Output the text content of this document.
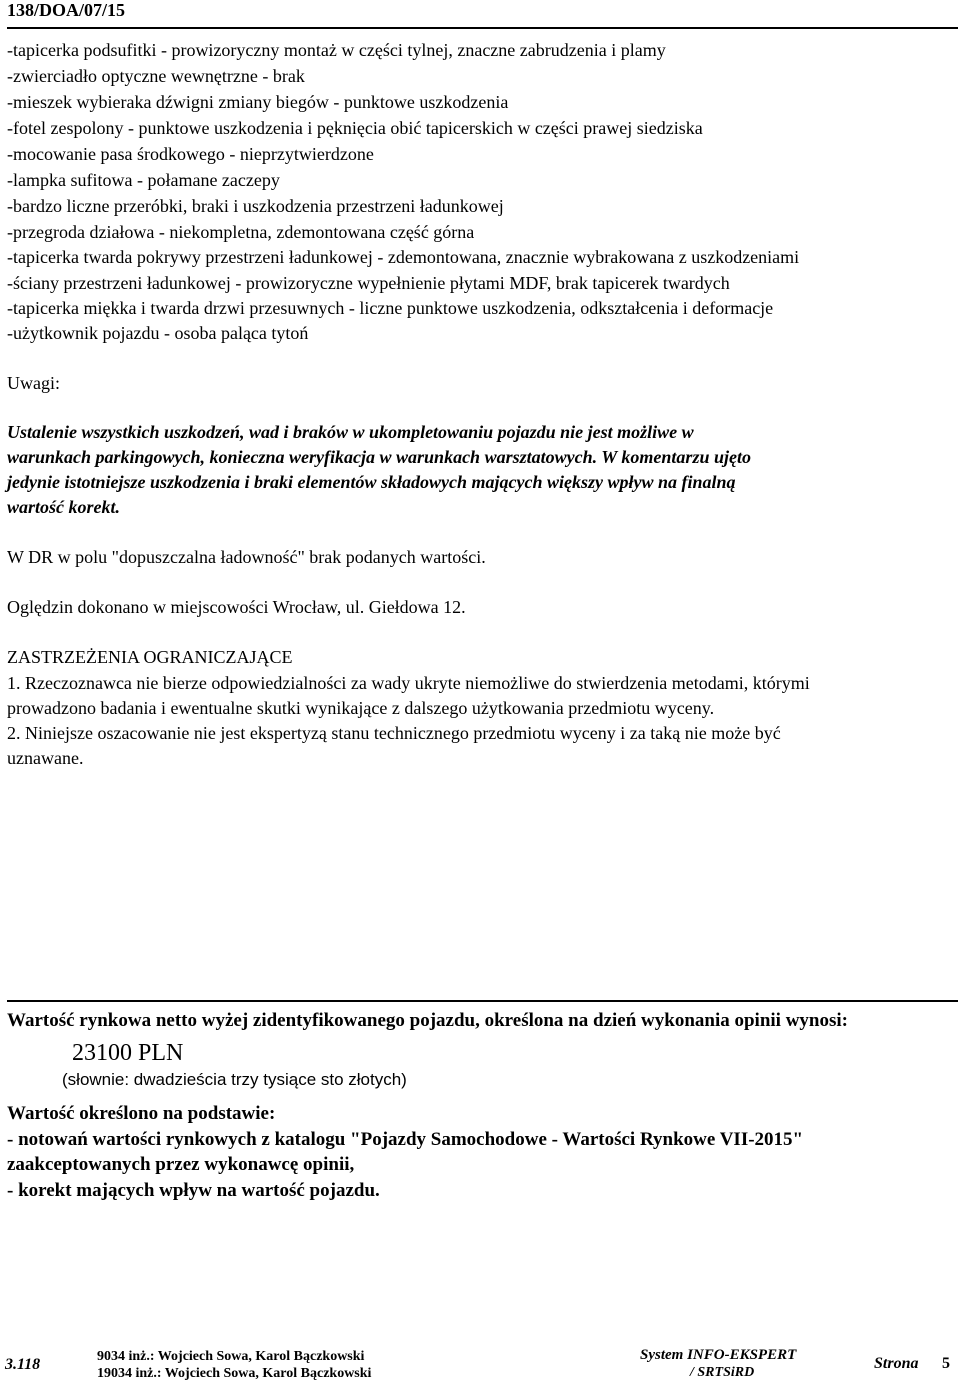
138/DOA/07/15
-tapicerka podsufitki - prowizoryczny montaż w części tylnej, znaczne zabrudzenia i plamy
-zwierciadło optyczne wewnętrzne - brak
-mieszek wybieraka dźwigni zmiany biegów - punktowe uszkodzenia
-fotel zespolony - punktowe uszkodzenia i pęknięcia obić tapicerskich w części prawej siedziska
-mocowanie pasa środkowego - nieprzytwierdzone
-lampka sufitowa - połamane zaczepy
-bardzo liczne przeróbki, braki i uszkodzenia przestrzeni ładunkowej
-przegroda działowa - niekompletna, zdemontowana część górna
-tapicerka twarda pokrywy przestrzeni ładunkowej - zdemontowana, znacznie wybrakowana z uszkodzeniami
-ściany przestrzeni ładunkowej - prowizoryczne wypełnienie płytami MDF, brak tapicerek twardych
-tapicerka miękka i twarda drzwi przesuwnych - liczne punktowe uszkodzenia, odkształcenia i deformacje
-użytkownik pojazdu - osoba paląca tytoń
Uwagi:
Ustalenie wszystkich uszkodzeń, wad i braków w ukompletowaniu pojazdu nie jest możliwe w
warunkach parkingowych, konieczna weryfikacja w warunkach warsztatowych. W komentarzu ujęto
jedynie istotniejsze uszkodzenia i braki elementów składowych mających większy wpływ na finalną
wartość korekt.
W DR w polu "dopuszczalna ładowność" brak podanych wartości.
Oględzin dokonano w miejscowości Wrocław, ul. Giełdowa 12.
ZASTRZEŻENIA OGRANICZAJĄCE
1. Rzeczoznawca nie bierze odpowiedzialności za wady ukryte niemożliwe do stwierdzenia metodami, którymi
prowadzono badania i ewentualne skutki wynikające z dalszego użytkowania przedmiotu wyceny.
2. Niniejsze oszacowanie nie jest ekspertyzą stanu technicznego przedmiotu wyceny i za taką nie może być
uznawane.
Wartość rynkowa netto wyżej zidentyfikowanego pojazdu, określona na dzień wykonania opinii wynosi:
23100 PLN
(słownie: dwadzieścia trzy tysiące sto złotych)
Wartość określono na podstawie:
- notowań wartości rynkowych z katalogu "Pojazdy Samochodowe - Wartości Rynkowe VII-2015"
zaakceptowanych przez wykonawcę opinii,
- korekt mających wpływ na wartość pojazdu.
3.118	9034 inż.: Wojciech Sowa, Karol Bączkowski
19034 inż.: Wojciech Sowa, Karol Bączkowski
System INFO-EKSPERT
/ SRTSiRD
Strona 5
